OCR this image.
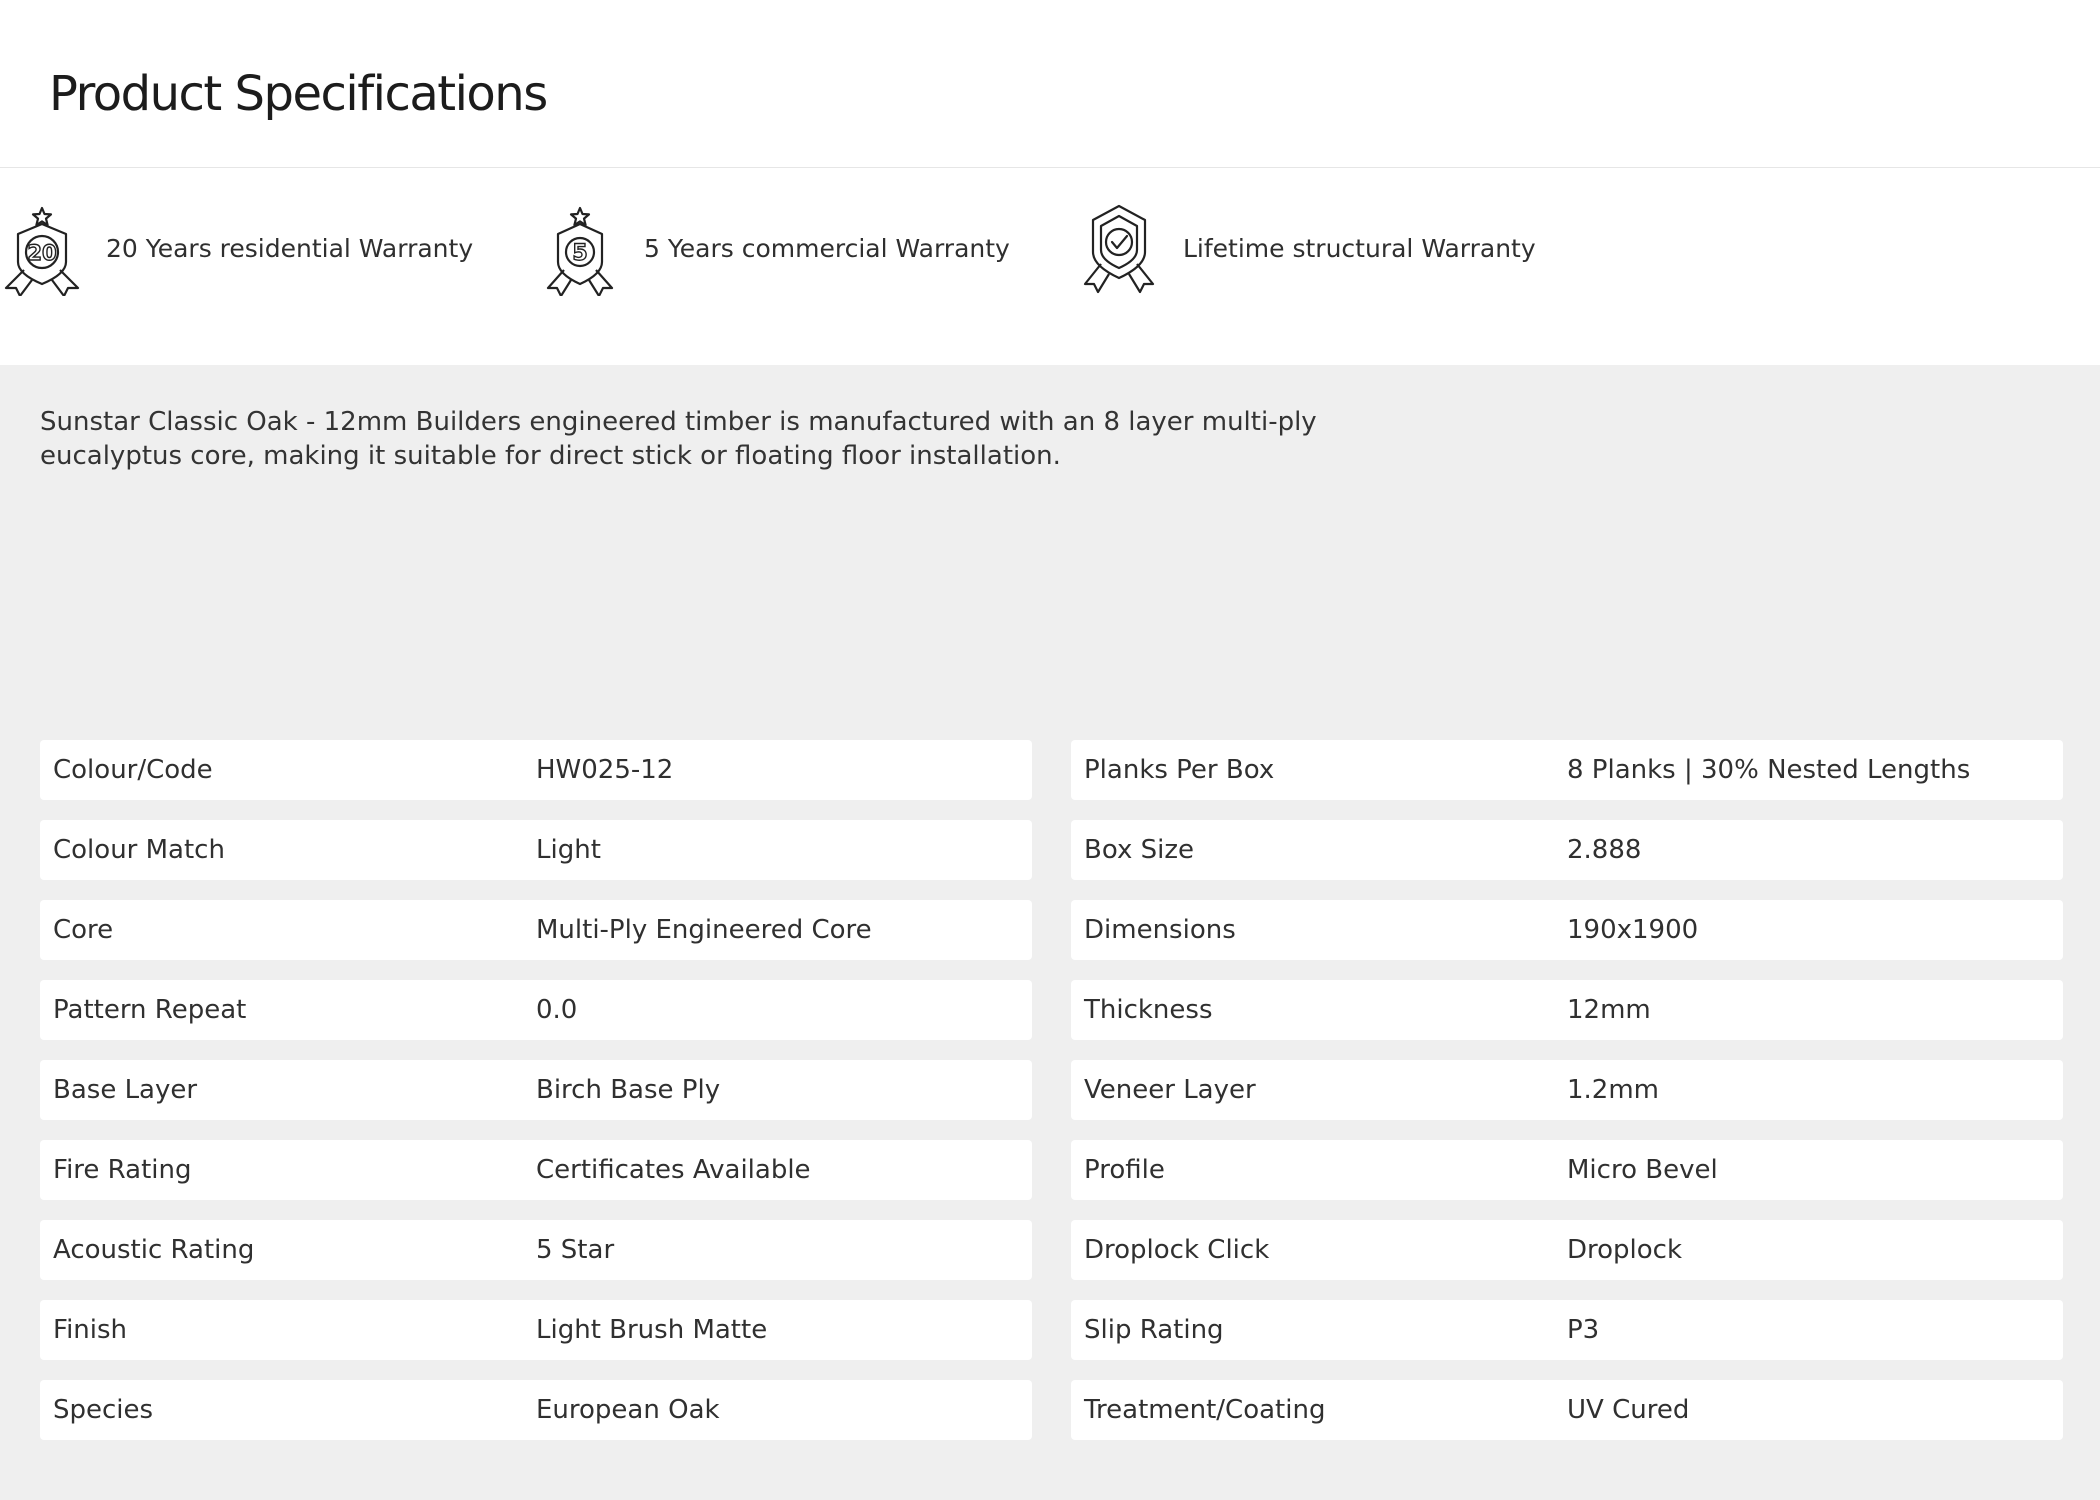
Product Specifications
20 20 Years residential Warranty	5 5 Years commercial Warranty	Lifetime structural Warranty

Sunstar Classic Oak - 12mm Builders engineered timber is manufactured with an 8 layer multi-ply eucalyptus core, making it suitable for direct stick or floating floor installation.

Colour/Code	HW025-12
Colour Match	Light
Core	Multi-Ply Engineered Core
Pattern Repeat	0.0
Base Layer	Birch Base Ply
Fire Rating	Certificates Available
Acoustic Rating	5 Star
Finish	Light Brush Matte
Species	European Oak
Planks Per Box	8 Planks | 30% Nested Lengths
Box Size	2.888
Dimensions	190x1900
Thickness	12mm
Veneer Layer	1.2mm
Profile	Micro Bevel
Droplock Click	Droplock
Slip Rating	P3
Treatment/Coating	UV Cured
